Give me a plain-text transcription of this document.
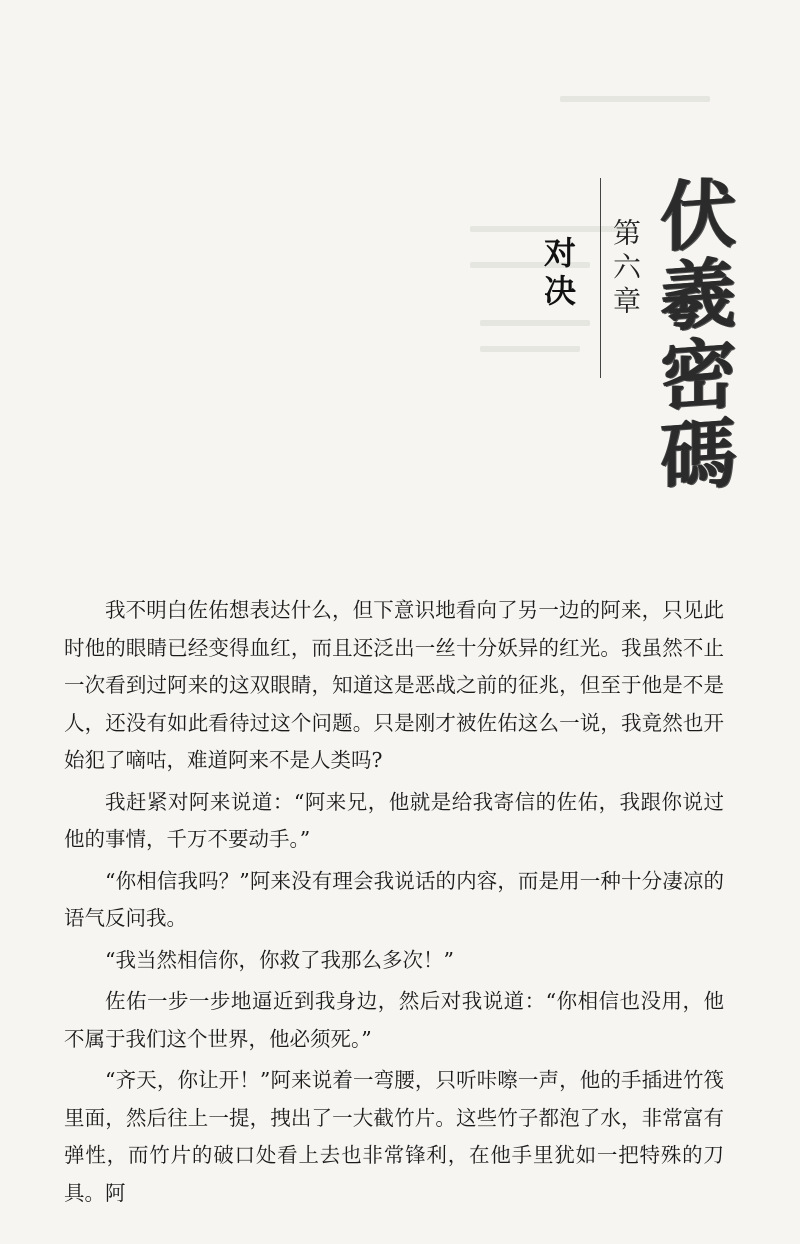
伏羲密碼
第六章
对决

我不明白佐佑想表达什么，但下意识地看向了另一边的阿来，只见此时他的眼睛已经变得血红，而且还泛出一丝十分妖异的红光。我虽然不止一次看到过阿来的这双眼睛，知道这是恶战之前的征兆，但至于他是不是人，还没有如此看待过这个问题。只是刚才被佐佑这么一说，我竟然也开始犯了嘀咕，难道阿来不是人类吗?

我赶紧对阿来说道：“阿来兄，他就是给我寄信的佐佑，我跟你说过他的事情，千万不要动手。”

“你相信我吗？”阿来没有理会我说话的内容，而是用一种十分凄凉的语气反问我。

“我当然相信你，你救了我那么多次！”

佐佑一步一步地逼近到我身边，然后对我说道：“你相信也没用，他不属于我们这个世界，他必须死。”

“齐天，你让开！”阿来说着一弯腰，只听咔嚓一声，他的手插进竹筏里面，然后往上一提，拽出了一大截竹片。这些竹子都泡了水，非常富有弹性，而竹片的破口处看上去也非常锋利，在他手里犹如一把特殊的刀具。阿
